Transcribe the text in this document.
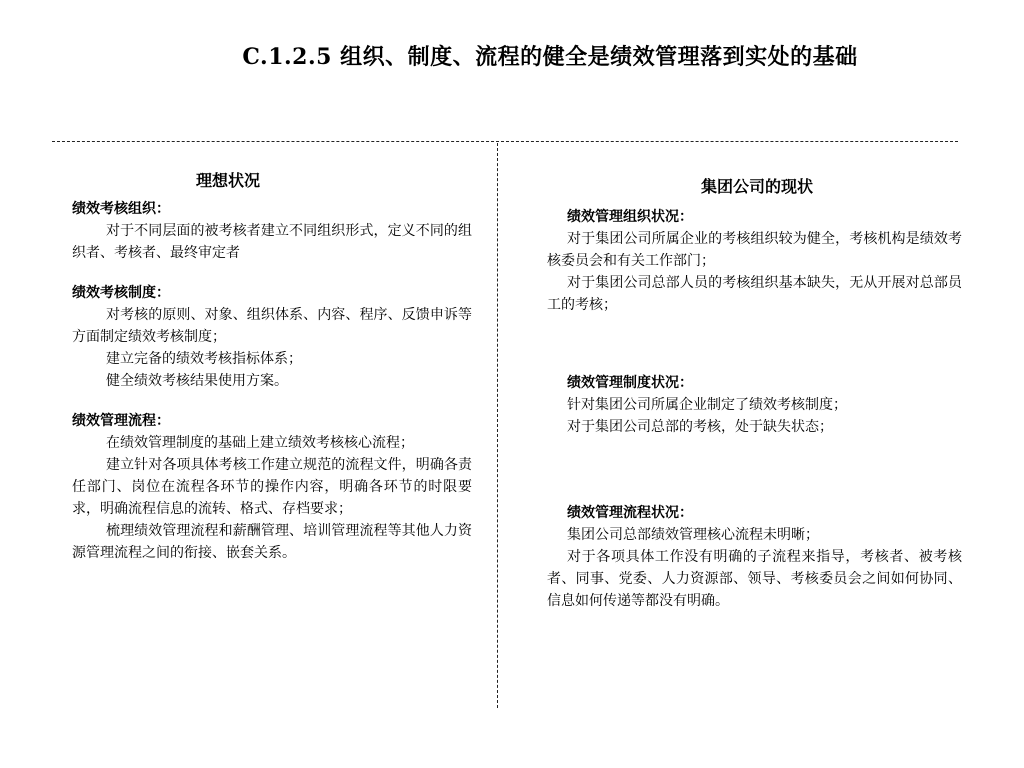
C.1.2.5 组织、制度、流程的健全是绩效管理落到实处的基础
理想状况
绩效考核组织：
对于不同层面的被考核者建立不同组织形式，定义不同的组织者、考核者、最终审定者
绩效考核制度：
对考核的原则、对象、组织体系、内容、程序、反馈申诉等方面制定绩效考核制度；
建立完备的绩效考核指标体系；
健全绩效考核结果使用方案。
绩效管理流程：
在绩效管理制度的基础上建立绩效考核核心流程；
建立针对各项具体考核工作建立规范的流程文件，明确各责任部门、岗位在流程各环节的操作内容，明确各环节的时限要求，明确流程信息的流转、格式、存档要求；
梳理绩效管理流程和薪酬管理、培训管理流程等其他人力资源管理流程之间的衔接、嵌套关系。
集团公司的现状
绩效管理组织状况：
对于集团公司所属企业的考核组织较为健全，考核机构是绩效考核委员会和有关工作部门；
对于集团公司总部人员的考核组织基本缺失，无从开展对总部员工的考核；
绩效管理制度状况：
针对集团公司所属企业制定了绩效考核制度；
对于集团公司总部的考核，处于缺失状态；
绩效管理流程状况：
集团公司总部绩效管理核心流程未明晰；
对于各项具体工作没有明确的子流程来指导，考核者、被考核者、同事、党委、人力资源部、领导、考核委员会之间如何协同、信息如何传递等都没有明确。
